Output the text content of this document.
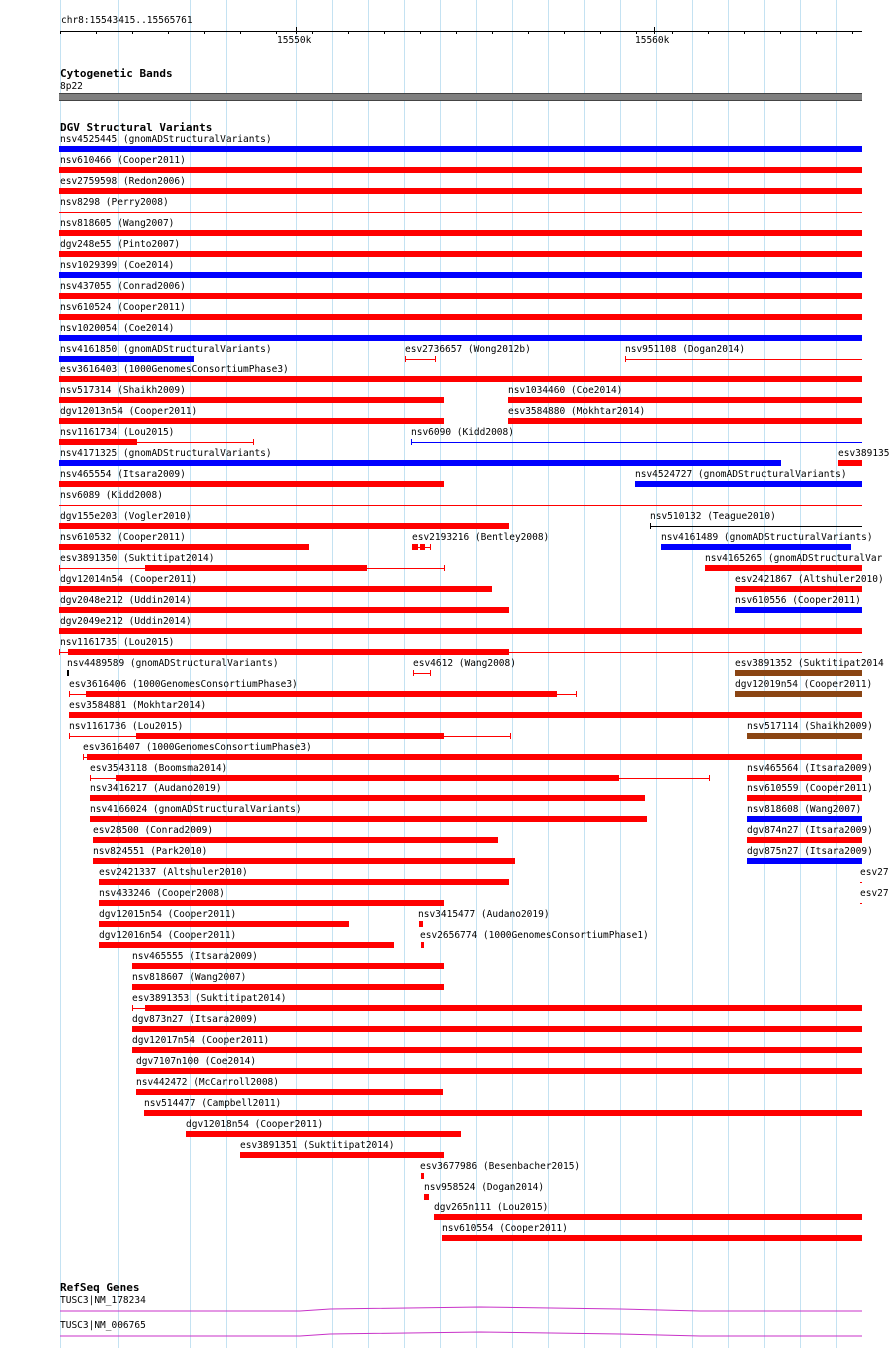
chr8:15543415..15565761
15550k	15560k
Cytogenetic Bands
8p22
DGV Structural Variants
nsv4525445 (gnomADStructuralVariants)
nsv610466 (Cooper2011)
esv2759598 (Redon2006)
nsv8298 (Perry2008)
nsv818605 (Wang2007)
dgv248e55 (Pinto2007)
nsv1029399 (Coe2014)
nsv437055 (Conrad2006)
nsv610524 (Cooper2011)
nsv1020054 (Coe2014)
nsv4161850 (gnomADStructuralVariants)	esv2736657 (Wong2012b)	nsv951108 (Dogan2014)
esv3616403 (1000GenomesConsortiumPhase3)
nsv517314 (Shaikh2009)	nsv1034460 (Coe2014)
dgv12013n54 (Cooper2011)	esv3584880 (Mokhtar2014)
nsv1161734 (Lou2015)	nsv6090 (Kidd2008)
nsv4171325 (gnomADStructuralVariants)	esv389135
nsv465554 (Itsara2009)	nsv4524727 (gnomADStructuralVariants)
nsv6089 (Kidd2008)
dgv155e203 (Vogler2010)	nsv510132 (Teague2010)
nsv610532 (Cooper2011)	esv2193216 (Bentley2008)	nsv4161489 (gnomADStructuralVariants)
esv3891350 (Suktitipat2014)	nsv4165265 (gnomADStructuralVar
dgv12014n54 (Cooper2011)	esv2421867 (Altshuler2010)
dgv2048e212 (Uddin2014)	nsv610556 (Cooper2011)
dgv2049e212 (Uddin2014)
nsv1161735 (Lou2015)
nsv4489589 (gnomADStructuralVariants)	esv4612 (Wang2008)	esv3891352 (Suktitipat2014
esv3616406 (1000GenomesConsortiumPhase3)	dgv12019n54 (Cooper2011)
esv3584881 (Mokhtar2014)
nsv1161736 (Lou2015)	nsv517114 (Shaikh2009)
esv3616407 (1000GenomesConsortiumPhase3)
esv3543118 (Boomsma2014)	nsv465564 (Itsara2009)
nsv3416217 (Audano2019)	nsv610559 (Cooper2011)
nsv4166024 (gnomADStructuralVariants)	nsv818608 (Wang2007)
esv28500 (Conrad2009)	dgv874n27 (Itsara2009)
nsv824551 (Park2010)	dgv875n27 (Itsara2009)
esv2421337 (Altshuler2010)	esv27
nsv433246 (Cooper2008)	esv27
dgv12015n54 (Cooper2011)	nsv3415477 (Audano2019)
dgv12016n54 (Cooper2011)	esv2656774 (1000GenomesConsortiumPhase1)
nsv465555 (Itsara2009)
nsv818607 (Wang2007)
esv3891353 (Suktitipat2014)
dgv873n27 (Itsara2009)
dgv12017n54 (Cooper2011)
dgv7107n100 (Coe2014)
nsv442472 (McCarroll2008)
nsv514477 (Campbell2011)
dgv12018n54 (Cooper2011)
esv3891351 (Suktitipat2014)
esv3677986 (Besenbacher2015)
nsv958524 (Dogan2014)
dgv265n111 (Lou2015)
nsv610554 (Cooper2011)
RefSeq Genes
TUSC3|NM_178234
TUSC3|NM_006765
